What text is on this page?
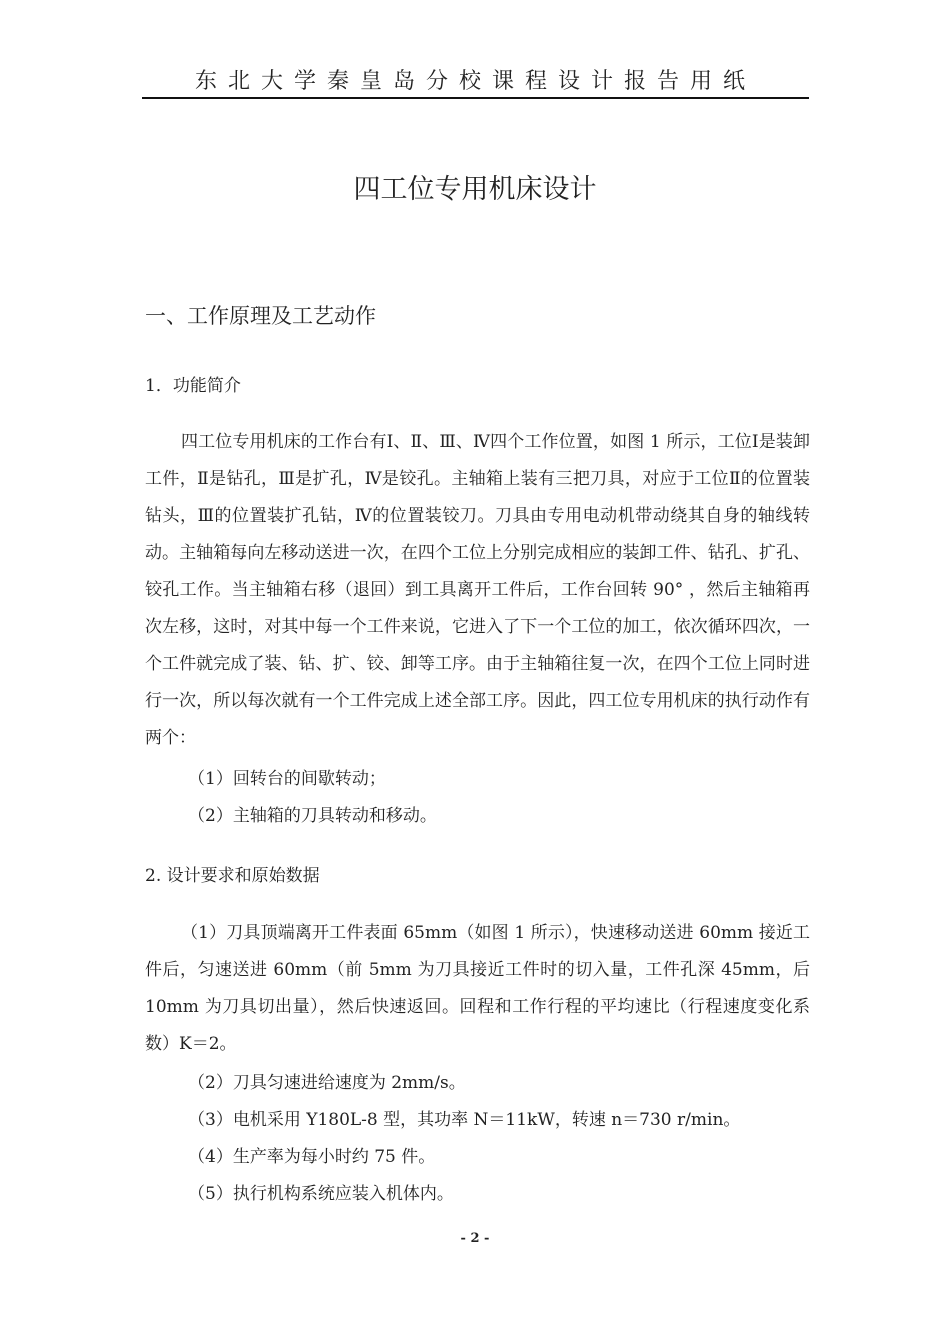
东北大学秦皇岛分校课程设计报告用纸
四工位专用机床设计
一、工作原理及工艺动作
1．功能简介
四工位专用机床的工作台有Ⅰ、Ⅱ、Ⅲ、Ⅳ四个工作位置，如图 1 所示，工位Ⅰ是装卸工件，Ⅱ是钻孔，Ⅲ是扩孔，Ⅳ是铰孔。主轴箱上装有三把刀具，对应于工位Ⅱ的位置装钻头，Ⅲ的位置装扩孔钻，Ⅳ的位置装铰刀。刀具由专用电动机带动绕其自身的轴线转动。主轴箱每向左移动送进一次，在四个工位上分别完成相应的装卸工件、钻孔、扩孔、铰孔工作。当主轴箱右移（退回）到工具离开工件后，工作台回转 90° ，然后主轴箱再次左移，这时，对其中每一个工件来说，它进入了下一个工位的加工，依次循环四次，一个工件就完成了装、钻、扩、铰、卸等工序。由于主轴箱往复一次，在四个工位上同时进行一次，所以每次就有一个工件完成上述全部工序。因此，四工位专用机床的执行动作有两个：
（1）回转台的间歇转动；
（2）主轴箱的刀具转动和移动。
2. 设计要求和原始数据
（1）刀具顶端离开工件表面 65mm（如图 1 所示），快速移动送进 60mm 接近工件后，匀速送进 60mm（前 5mm 为刀具接近工件时的切入量，工件孔深 45mm，后 10mm 为刀具切出量），然后快速返回。回程和工作行程的平均速比（行程速度变化系数）K＝2。
（2）刀具匀速进给速度为 2mm/s。
（3）电机采用 Y180L-8 型，其功率 N＝11kW，转速 n＝730 r/min。
（4）生产率为每小时约 75 件。
（5）执行机构系统应装入机体内。
- 2 -
